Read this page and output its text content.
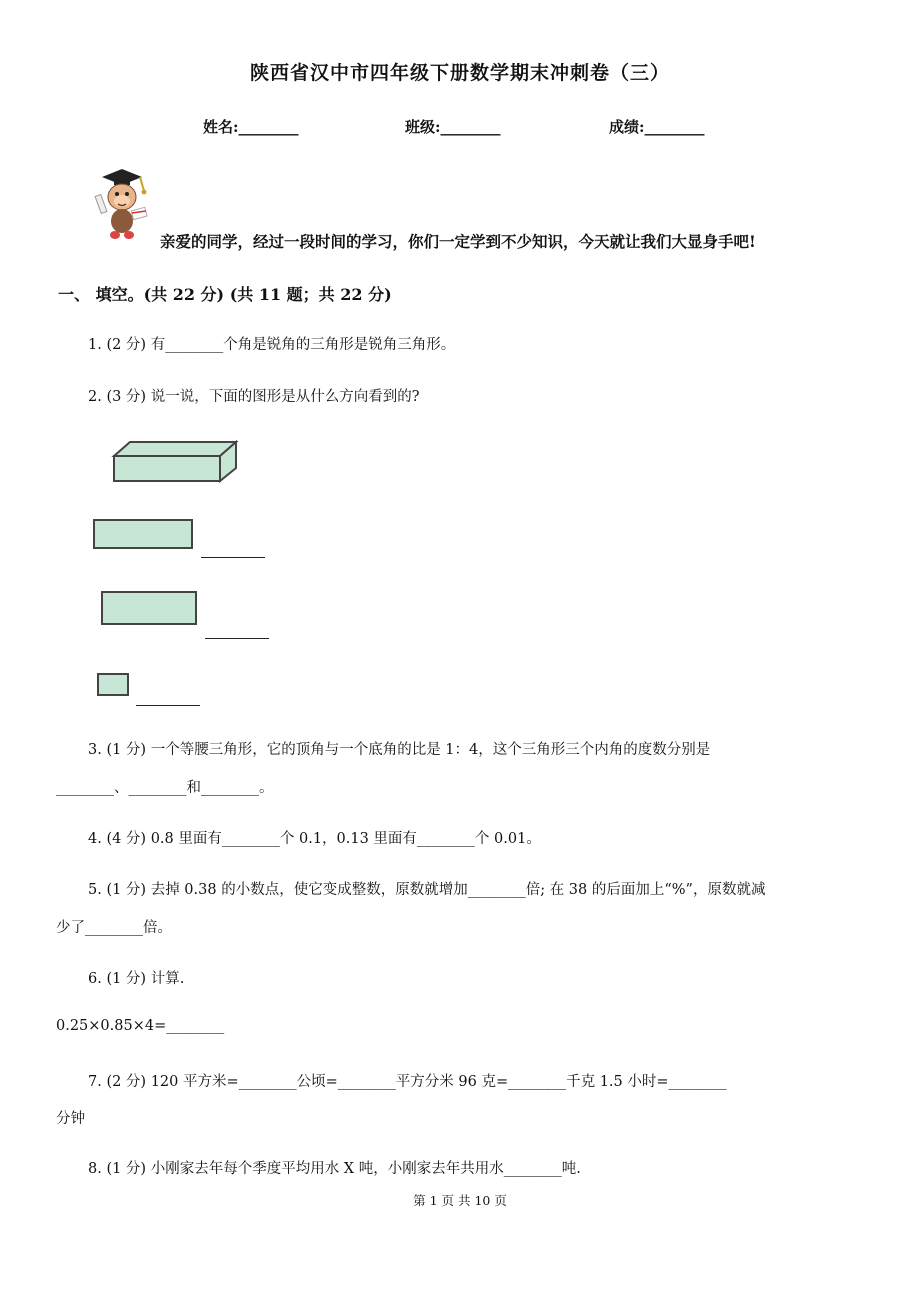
陕西省汉中市四年级下册数学期末冲刺卷（三）
姓名:________	班级:________	成绩:________
亲爱的同学，经过一段时间的学习，你们一定学到不少知识，今天就让我们大显身手吧!
一、 填空。(共 22 分) (共 11 题；共 22 分)
1. (2 分) 有________个角是锐角的三角形是锐角三角形。
2. (3 分) 说一说，下面的图形是从什么方向看到的?
3. (1 分) 一个等腰三角形，它的顶角与一个底角的比是 1：4，这个三角形三个内角的度数分别是
________、________和________。
4. (4 分) 0.8 里面有________个 0.1，0.13 里面有________个 0.01。
5. (1 分) 去掉 0.38 的小数点，使它变成整数，原数就增加________倍; 在 38 的后面加上“%”，原数就减
少了________倍。
6. (1 分) 计算.
0.25×0.85×4=________
7. (2 分) 120 平方米=________公顷=________平方分米 96 克=________千克 1.5 小时=________
分钟
8. (1 分) 小刚家去年每个季度平均用水 X 吨，小刚家去年共用水________吨.
第 1 页 共 10 页
